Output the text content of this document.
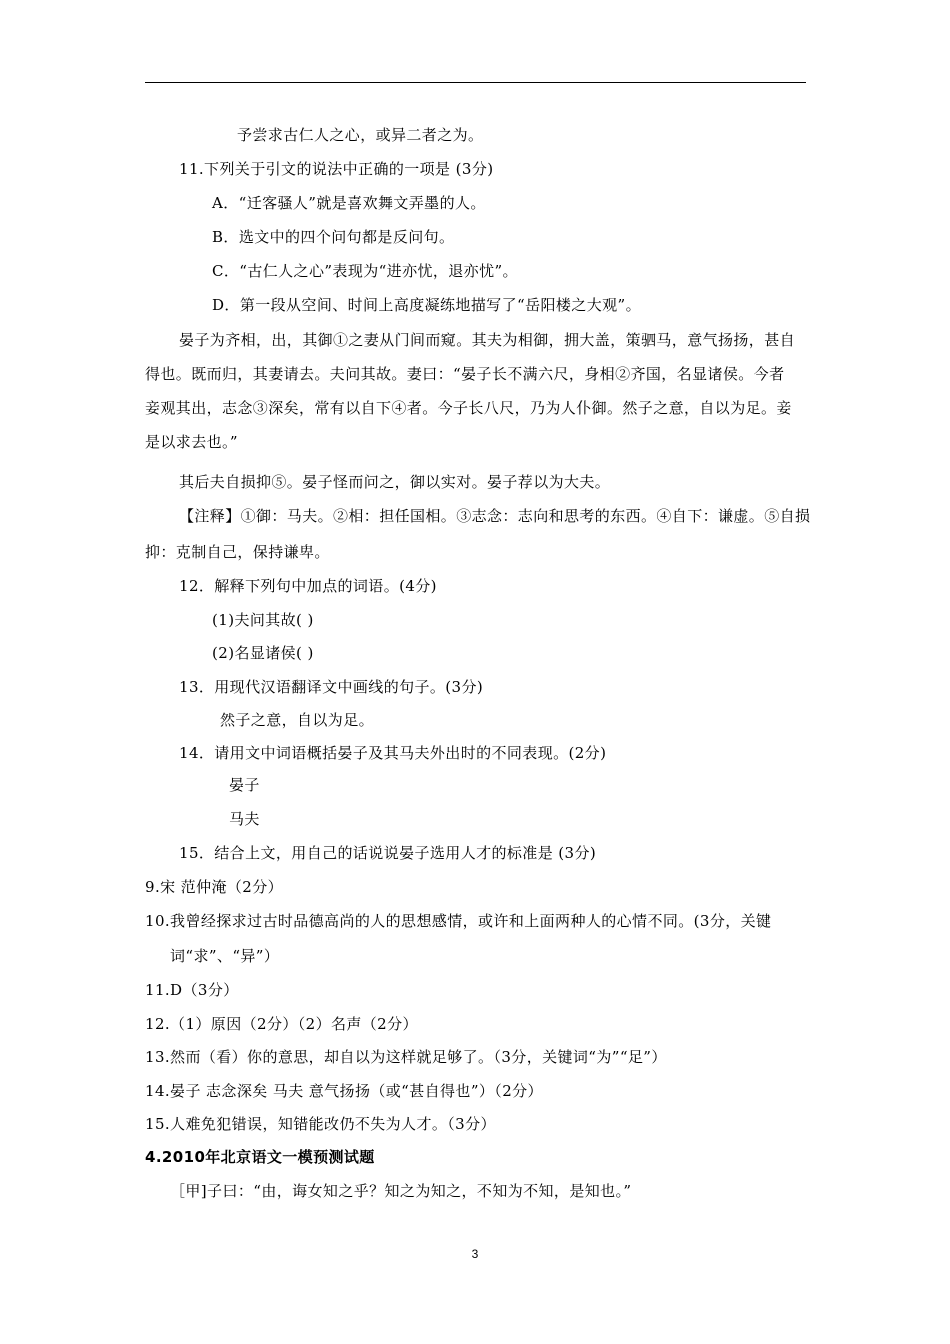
予尝求古仁人之心，或异二者之为。
11.下列关于引文的说法中正确的一项是 (3分)
A．“迁客骚人”就是喜欢舞文弄墨的人。
B．选文中的四个问句都是反问句。
C．“古仁人之心”表现为“进亦忧，退亦忧”。
D．第一段从空间、时间上高度凝练地描写了“岳阳楼之大观”。
晏子为齐相，出，其御①之妻从门间而窥。其夫为相御，拥大盖，策驷马，意气扬扬，甚自
得也。既而归，其妻请去。夫问其故。妻曰：“晏子长不满六尺，身相②齐国，名显诸侯。今者
妾观其出，志念③深矣，常有以自下④者。今子长八尺，乃为人仆御。然子之意，自以为足。妾
是以求去也。”
其后夫自损抑⑤。晏子怪而问之，御以实对。晏子荐以为大夫。
【注释】①御：马夫。②相：担任国相。③志念：志向和思考的东西。④自下：谦虚。⑤自损
抑：克制自己，保持谦卑。
12．解释下列句中加点的词语。(4分)
(1)夫问其故( )
(2)名显诸侯( )
13．用现代汉语翻译文中画线的句子。(3分)
然子之意，自以为足。
14．请用文中词语概括晏子及其马夫外出时的不同表现。(2分)
晏子
马夫
15．结合上文，用自己的话说说晏子选用人才的标准是 (3分)
9.宋 范仲淹（2分）
10.我曾经探求过古时品德高尚的人的思想感情，或许和上面两种人的心情不同。(3分，关键
词“求”、“异”）
11.D（3分）
12.（1）原因（2分）（2）名声（2分）
13.然而（看）你的意思，却自以为这样就足够了。（3分，关键词“为”“足”）
14.晏子 志念深矣 马夫 意气扬扬（或“甚自得也”）（2分）
15.人难免犯错误，知错能改仍不失为人才。（3分）
4.2010年北京语文一模预测试题
［甲]子曰：“由，诲女知之乎？知之为知之，不知为不知，是知也。”
3
